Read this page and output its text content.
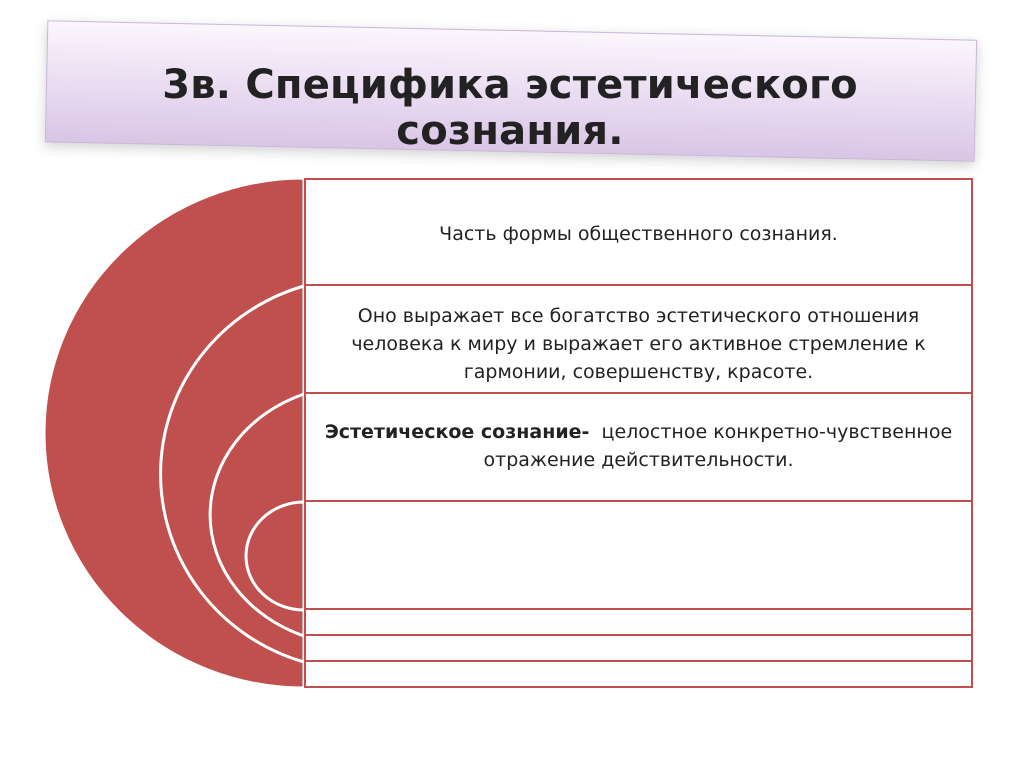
3в. Специфика эстетического сознания.
Часть формы общественного сознания.
Оно выражает все богатство эстетического отношения человека к миру и выражает его активное стремление к гармонии, совершенству, красоте.
Эстетическое сознание- целостное конкретно-чувственное отражение действительности.
